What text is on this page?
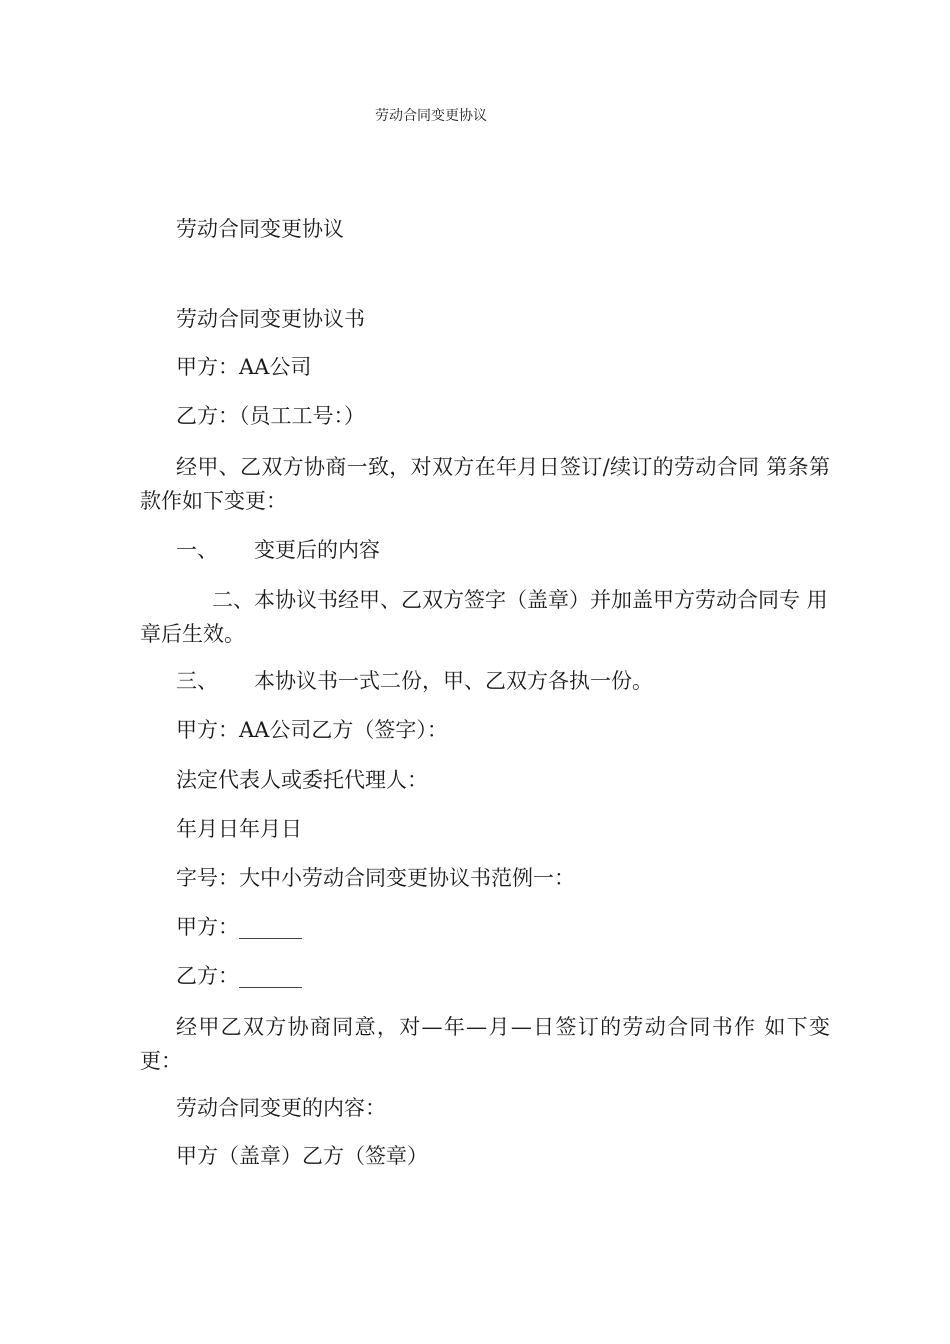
劳动合同变更协议
劳动合同变更协议
劳动合同变更协议书
甲方：AA公司
乙方：（员工工号：）
经甲、乙双方协商一致，对双方在年月日签订/续订的劳动合同 第条第款作如下变更：
一、 变更后的内容
二、本协议书经甲、乙双方签字（盖章）并加盖甲方劳动合同专 用章后生效。
三、 本协议书一式二份，甲、乙双方各执一份。
甲方：AA公司乙方（签字）：
法定代表人或委托代理人：
年月日年月日
字号：大中小劳动合同变更协议书范例一：
甲方：______
乙方：______
经甲乙双方协商同意，对—年—月—日签订的劳动合同书作 如下变更：
劳动合同变更的内容：
甲方（盖章）乙方（签章）
